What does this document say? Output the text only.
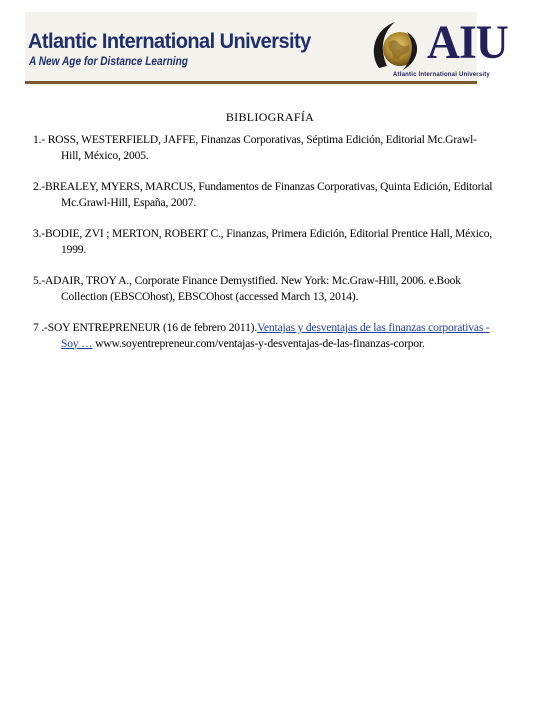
Atlantic International University
A New Age for Distance Learning	AIU
Atlantic International University
BIBLIOGRAFÍA
1.- ROSS, WESTERFIELD, JAFFE, Finanzas Corporativas, Séptima Edición, Editorial Mc.Grawl-Hill, México, 2005.
2.-BREALEY, MYERS, MARCUS, Fundamentos de Finanzas Corporativas, Quinta Edición, Editorial Mc.Grawl-Hill, España, 2007.
3.-BODIE, ZVI ; MERTON, ROBERT C., Finanzas, Primera Edición, Editorial Prentice Hall, México, 1999.
5.-ADAIR, TROY A., Corporate Finance Demystified. New York: Mc.Graw-Hill, 2006. e.Book Collection (EBSCOhost), EBSCOhost (accessed March 13, 2014).
7 .-SOY ENTREPRENEUR (16 de febrero 2011).Ventajas y desventajas de las finanzas corporativas - Soy … www.soyentrepreneur.com/ventajas-y-desventajas-de-las-finanzas-corpor.
